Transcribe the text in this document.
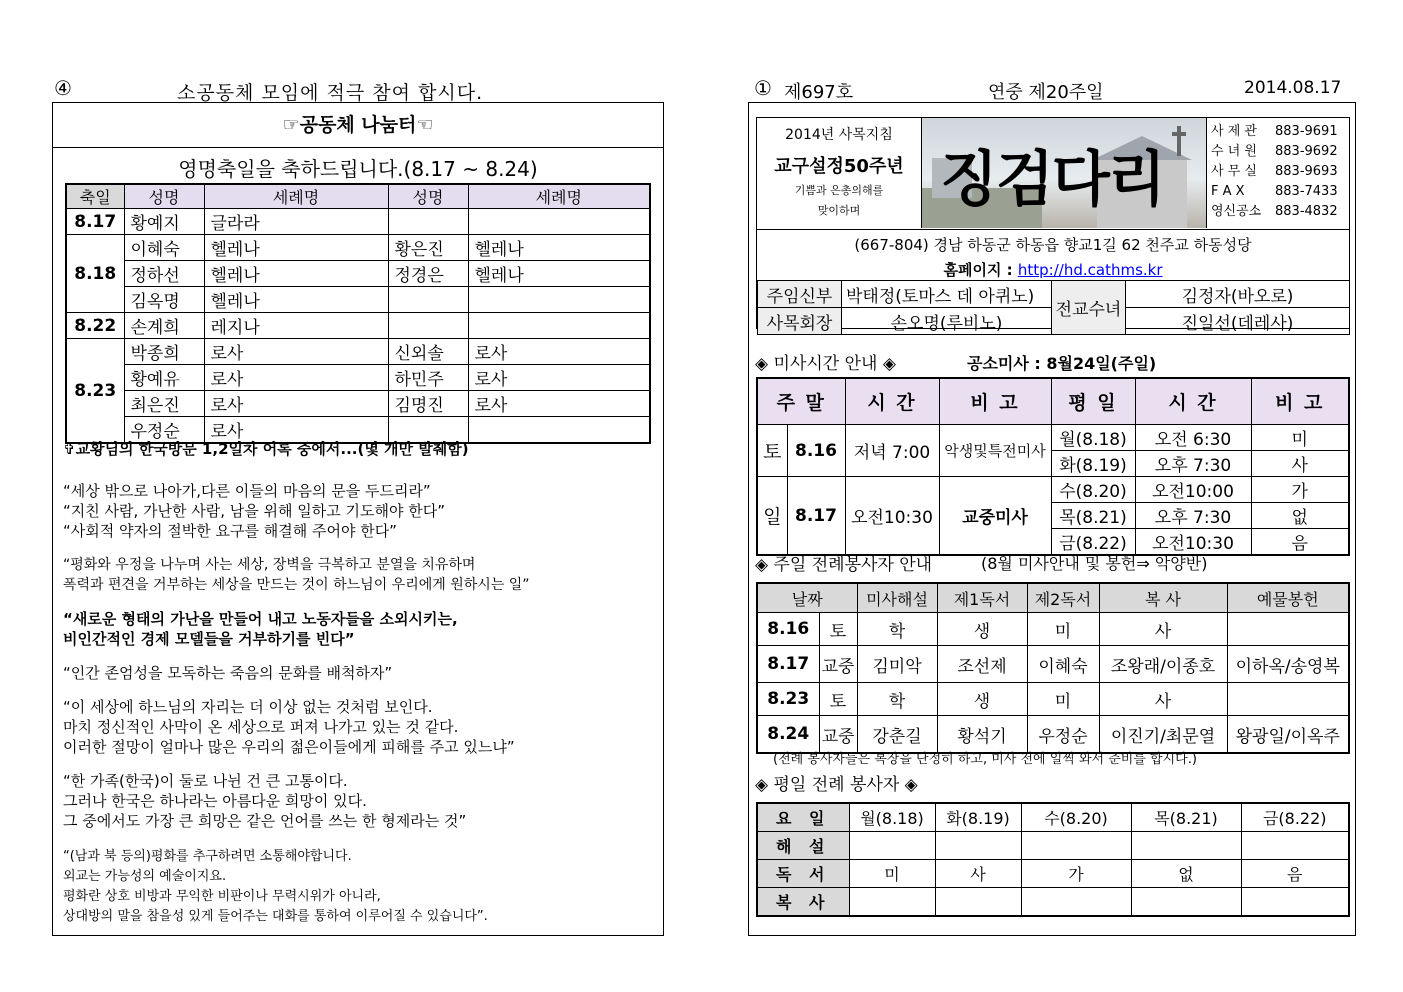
④	소공동체 모임에 적극 참여 합시다.
☞공동체 나눔터☜
영명축일을 축하드립니다.(8.17 ~ 8.24)
축일	성명	세례명	성명	세례명
8.17	황예지	글라라		
8.18	이혜숙	헬레나	황은진	헬레나
	정하선	헬레나	정경은	헬레나
	김옥명	헬레나		
8.22	손계희	레지나		
8.23	박종희	로사	신외솔	로사
	황예유	로사	하민주	로사
	최은진	로사	김명진	로사
	우정순	로사		
✞교황님의 한국방문 1,2일차 어록 중에서...(몇 개만 발췌함)
“세상 밖으로 나아가,다른 이들의 마음의 문을 두드리라”
“지친 사람, 가난한 사람, 남을 위해 일하고 기도해야 한다”
“사회적 약자의 절박한 요구를 해결해 주어야 한다”
“평화와 우정을 나누며 사는 세상, 장벽을 극복하고 분열을 치유하며
폭력과 편견을 거부하는 세상을 만드는 것이 하느님이 우리에게 원하시는 일”
“새로운 형태의 가난을 만들어 내고 노동자들을 소외시키는,
비인간적인 경제 모델들을 거부하기를 빈다”
“인간 존엄성을 모독하는 죽음의 문화를 배척하자”
“이 세상에 하느님의 자리는 더 이상 없는 것처럼 보인다.
마치 정신적인 사막이 온 세상으로 퍼져 나가고 있는 것 같다.
이러한 절망이 얼마나 많은 우리의 젊은이들에게 피해를 주고 있느냐”
“한 가족(한국)이 둘로 나뉜 건 큰 고통이다.
그러나 한국은 하나라는 아름다운 희망이 있다.
그 중에서도 가장 큰 희망은 같은 언어를 쓰는 한 형제라는 것”
“(남과 북 등의)평화를 추구하려면 소통해야합니다.
외교는 가능성의 예술이지요.
평화란 상호 비방과 무익한 비판이나 무력시위가 아니라,
상대방의 말을 참을성 있게 들어주는 대화를 통하여 이루어질 수 있습니다”.
① 제697호	연중 제20주일	2014.08.17
2014년 사목지침
교구설정50주년
기쁨과 은총의해를
맞이하며	징검다리
사 제 관 883-9691
수 녀 원 883-9692
사 무 실 883-9693
F A X 883-7433
영신공소 883-4832
(667-804) 경남 하동군 하동읍 향교1길 62 천주교 하동성당
홈페이지 : http://hd.cathms.kr
주임신부	박태정(토마스 데 아퀴노)	전교수녀	김정자(바오로)
사목회장	손오명(루비노)		진일선(데레사)
◈ 미사시간 안내 ◈	공소미사 : 8월24일(주일)
주 말		시 간	비 고	평 일	시 간	비 고
토	8.16	저녁 7:00	악생및특전미사	월(8.18)	오전 6:30	미
				화(8.19)	오후 7:30	사
일	8.17	오전10:30	교중미사	수(8.20)	오전10:00	가
				목(8.21)	오후 7:30	없
				금(8.22)	오전10:30	음
◈ 주일 전례봉사자 안내	(8월 미사안내 및 봉헌⇒ 악양반)
날짜		미사해설	제1독서	제2독서	복 사	예물봉헌
8.16	토	학	생	미	사	
8.17	교중	김미악	조선제	이혜숙	조왕래/이종호	이하옥/송영복
8.23	토	학	생	미	사	
8.24	교중	강춘길	황석기	우정순	이진기/최문열	왕광일/이옥주
(전례 봉사자들은 복장을 단정히 하고, 미사 전에 일찍 와서 준비를 합시다.)
◈ 평일 전례 봉사자 ◈
요 일	월(8.18)	화(8.19)	수(8.20)	목(8.21)	금(8.22)
해 설					
독 서	미	사	가	없	음
복 사					
